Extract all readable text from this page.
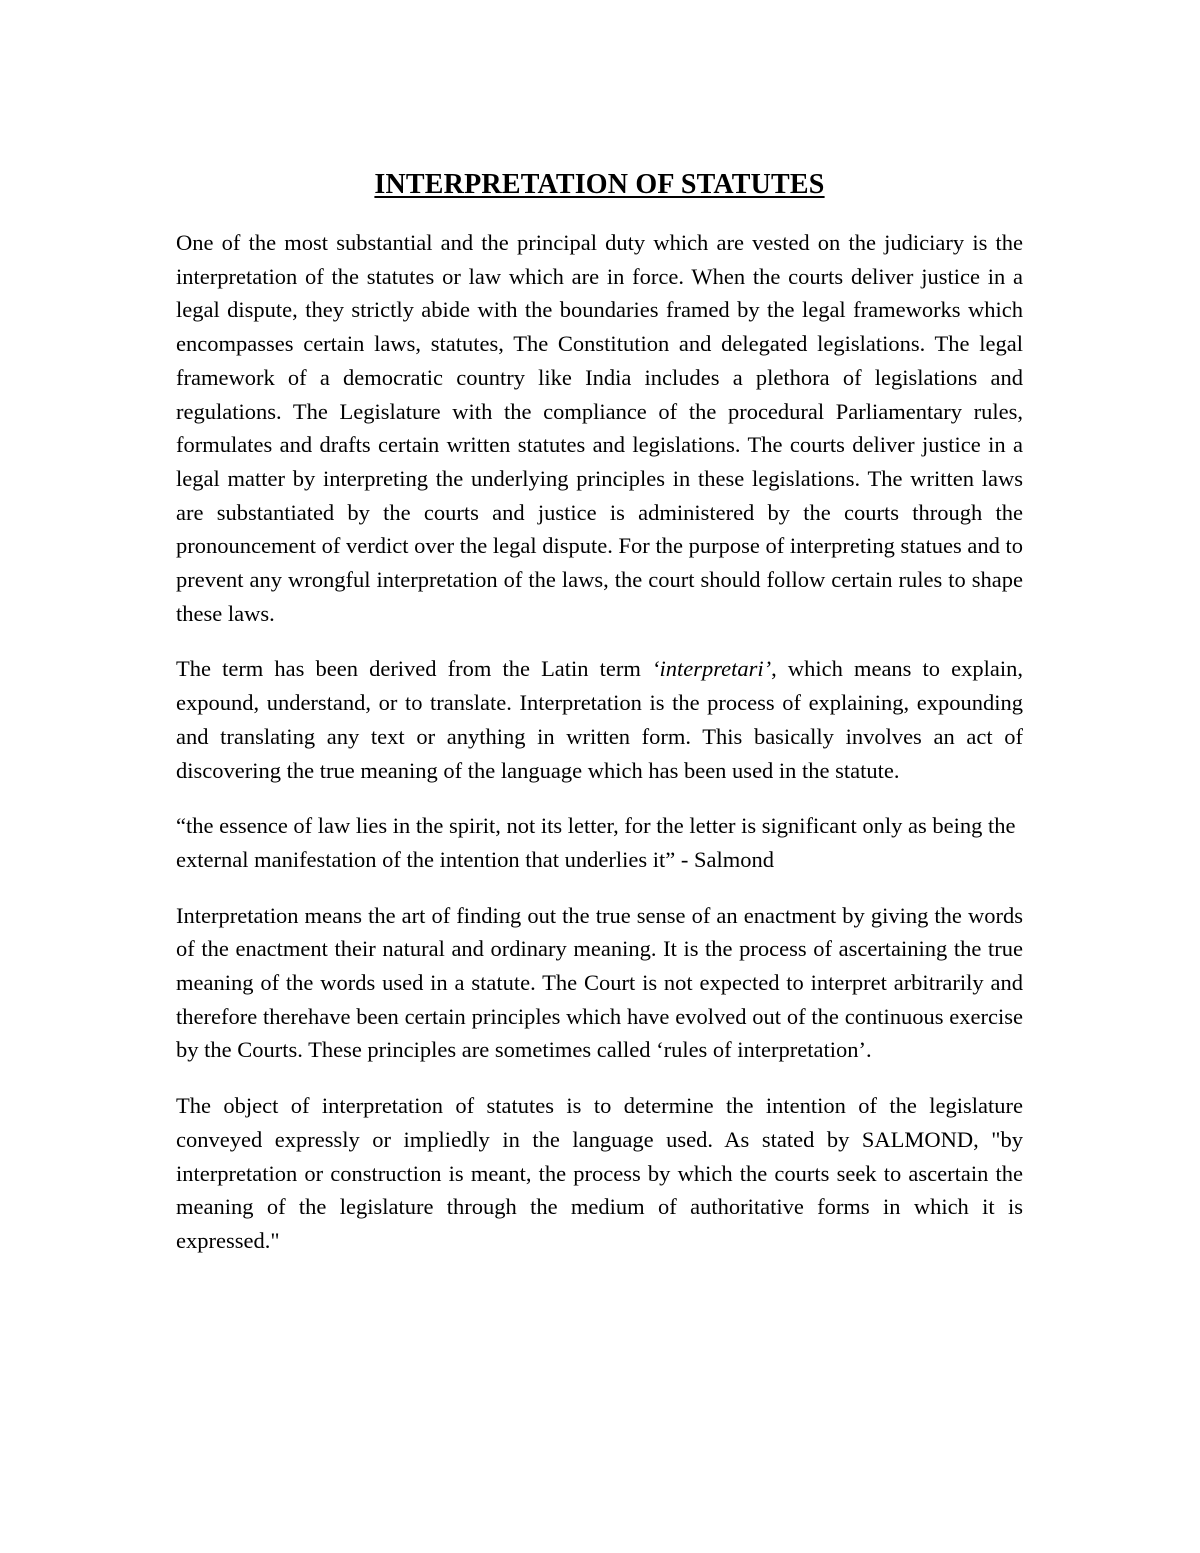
INTERPRETATION OF STATUTES

One of the most substantial and the principal duty which are vested on the judiciary is the interpretation of the statutes or law which are in force. When the courts deliver justice in a legal dispute, they strictly abide with the boundaries framed by the legal frameworks which encompasses certain laws, statutes, The Constitution and delegated legislations. The legal framework of a democratic country like India includes a plethora of legislations and regulations. The Legislature with the compliance of the procedural Parliamentary rules, formulates and drafts certain written statutes and legislations. The courts deliver justice in a legal matter by interpreting the underlying principles in these legislations. The written laws are substantiated by the courts and justice is administered by the courts through the pronouncement of verdict over the legal dispute. For the purpose of interpreting statues and to prevent any wrongful interpretation of the laws, the court should follow certain rules to shape these laws.

The term has been derived from the Latin term ‘interpretari’, which means to explain, expound, understand, or to translate. Interpretation is the process of explaining, expounding and translating any text or anything in written form. This basically involves an act of discovering the true meaning of the language which has been used in the statute.

“the essence of law lies in the spirit, not its letter, for the letter is significant only as being the external manifestation of the intention that underlies it” - Salmond

Interpretation means the art of finding out the true sense of an enactment by giving the words of the enactment their natural and ordinary meaning. It is the process of ascertaining the true meaning of the words used in a statute. The Court is not expected to interpret arbitrarily and therefore therehave been certain principles which have evolved out of the continuous exercise by the Courts. These principles are sometimes called ‘rules of interpretation’.

The object of interpretation of statutes is to determine the intention of the legislature conveyed expressly or impliedly in the language used. As stated by SALMOND, "by interpretation or construction is meant, the process by which the courts seek to ascertain the meaning of the legislature through the medium of authoritative forms in which it is expressed."
